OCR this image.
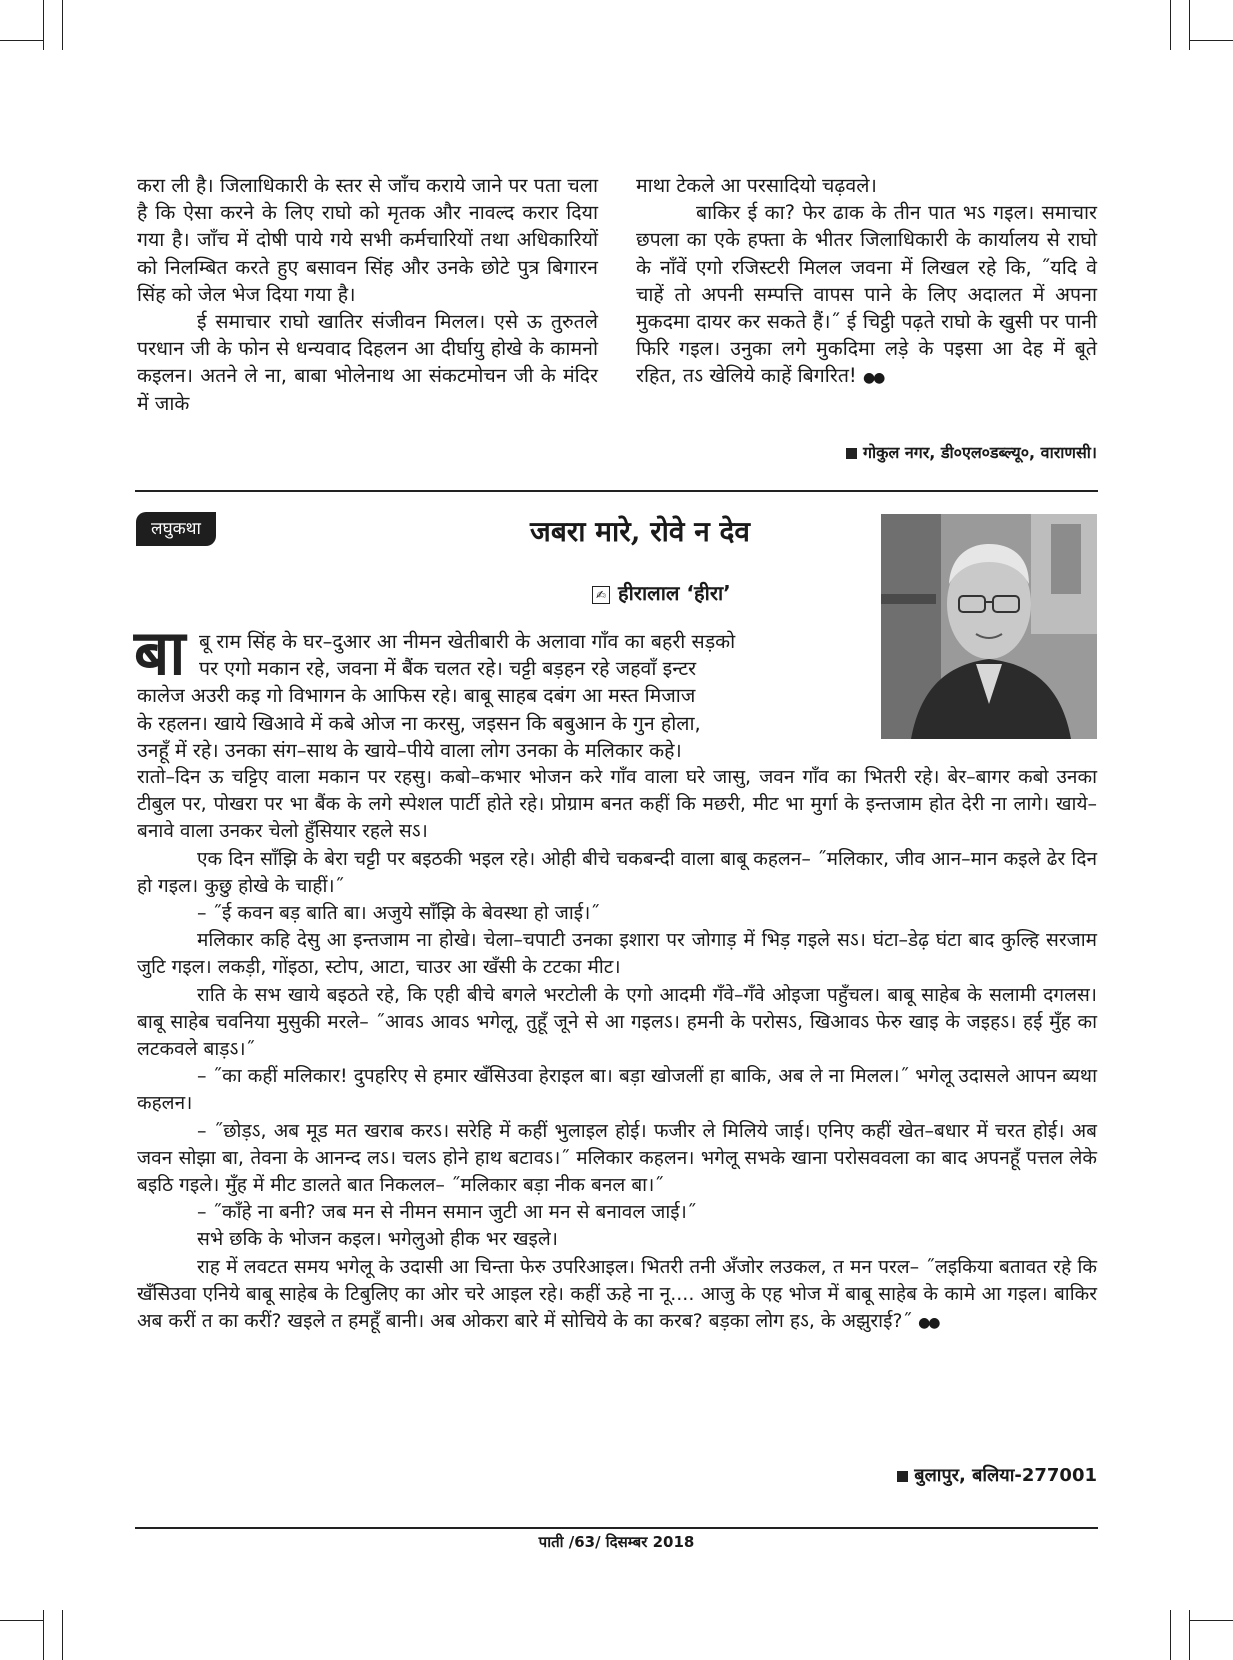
करा ली है। जिलाधिकारी के स्तर से जाँच कराये जाने पर पता चला है कि ऐसा करने के लिए राघो को मृतक और नावल्द करार दिया गया है। जाँच में दोषी पाये गये सभी कर्मचारियों तथा अधिकारियों को निलम्बित करते हुए बसावन सिंह और उनके छोटे पुत्र बिगारन सिंह को जेल भेज दिया गया है।

ई समाचार राघो खातिर संजीवन मिलल। एसे ऊ तुरुतले परधान जी के फोन से धन्यवाद दिहलन आ दीर्घायु होखे के कामनो कइलन। अतने ले ना, बाबा भोलेनाथ आ संकटमोचन जी के मंदिर में जाके

माथा टेकले आ परसादियो चढ़वले।

बाकिर ई का? फेर ढाक के तीन पात भऽ गइल। समाचार छपला का एके हफ्ता के भीतर जिलाधिकारी के कार्यालय से राघो के नाँवें एगो रजिस्टरी मिलल जवना में लिखल रहे कि, ˝यदि वे चाहें तो अपनी सम्पत्ति वापस पाने के लिए अदालत में अपना मुकदमा दायर कर सकते हैं।˝ ई चिट्ठी पढ़ते राघो के खुसी पर पानी फिरि गइल। उनुका लगे मुकदिमा लड़े के पइसा आ देह में बूते रहित, तऽ खेलिये काहें बिगरित! ●●

गोकुल नगर, डी०एल०डब्ल्यू०, वाराणसी।
लघुकथा	जबरा मारे, रोवे न देव
✍ हीरालाल ‘हीरा’
बा बू राम सिंह के घर–दुआर आ नीमन खेतीबारी के अलावा गाँव का बहरी सड़को
पर एगो मकान रहे, जवना में बैंक चलत रहे। चट्टी बड़हन रहे जहवाँ इन्टर
कालेज अउरी कइ गो विभागन के आफिस रहे। बाबू साहब दबंग आ मस्त मिजाज
के रहलन। खाये खिआवे में कबे ओज ना करसु, जइसन कि बबुआन के गुन होला,
उनहूँ में रहे। उनका संग–साथ के खाये–पीये वाला लोग उनका के मलिकार कहे।

रातो–दिन ऊ चट्टिए वाला मकान पर रहसु। कबो–कभार भोजन करे गाँव वाला घरे जासु, जवन गाँव का भितरी रहे। बेर–बागर कबो उनका टीबुल पर, पोखरा पर भा बैंक के लगे स्पेशल पार्टी होते रहे। प्रोग्राम बनत कहीं कि मछरी, मीट भा मुर्गा के इन्तजाम होत देरी ना लागे। खाये–बनावे वाला उनकर चेलो हुँसियार रहले सऽ।

एक दिन साँझि के बेरा चट्टी पर बइठकी भइल रहे। ओही बीचे चकबन्दी वाला बाबू कहलन– ˝मलिकार, जीव आन–मान कइले ढेर दिन हो गइल। कुछु होखे के चाहीं।˝

– ˝ई कवन बड़ बाति बा। अजुये साँझि के बेवस्था हो जाई।˝

मलिकार कहि देसु आ इन्तजाम ना होखे। चेला–चपाटी उनका इशारा पर जोगाड़ में भिड़ गइले सऽ। घंटा–डेढ़ घंटा बाद कुल्हि सरजाम जुटि गइल। लकड़ी, गोंइठा, स्टोप, आटा, चाउर आ खँसी के टटका मीट।

राति के सभ खाये बइठते रहे, कि एही बीचे बगले भरटोली के एगो आदमी गँवे–गँवे ओइजा पहुँचल। बाबू साहेब के सलामी दगलस। बाबू साहेब चवनिया मुसुकी मरले– ˝आवऽ आवऽ भगेलू, तुहूँ जूने से आ गइलऽ। हमनी के परोसऽ, खिआवऽ फेरु खाइ के जइहऽ। हई मुँह का लटकवले बाड़ऽ।˝

– ˝का कहीं मलिकार! दुपहरिए से हमार खँसिउवा हेराइल बा। बड़ा खोजलीं हा बाकि, अब ले ना मिलल।˝ भगेलू उदासले आपन ब्यथा कहलन।

– ˝छोड़ऽ, अब मूड मत खराब करऽ। सरेहि में कहीं भुलाइल होई। फजीर ले मिलिये जाई। एनिए कहीं खेत–बधार में चरत होई। अब जवन सोझा बा, तेवना के आनन्द लऽ। चलऽ होने हाथ बटावऽ।˝ मलिकार कहलन। भगेलू सभके खाना परोसववला का बाद अपनहूँ पत्तल लेके बइठि गइले। मुँह में मीट डालते बात निकलल– ˝मलिकार बड़ा नीक बनल बा।˝

– ˝काँहे ना बनी? जब मन से नीमन समान जुटी आ मन से बनावल जाई।˝

सभे छकि के भोजन कइल। भगेलुओ हीक भर खइले।

राह में लवटत समय भगेलू के उदासी आ चिन्ता फेरु उपरिआइल। भितरी तनी अँजोर लउकल, त मन परल– ˝लइकिया बतावत रहे कि खँसिउवा एनिये बाबू साहेब के टिबुलिए का ओर चरे आइल रहे। कहीं ऊहे ना नू.... आजु के एह भोज में बाबू साहेब के कामे आ गइल। बाकिर अब करीं त का करीं? खइले त हमहूँ बानी। अब ओकरा बारे में सोचिये के का करब? बड़का लोग हऽ, के अझुराई?˝ ●●

बुलापुर, बलिया-277001
पाती /63/ दिसम्बर 2018
